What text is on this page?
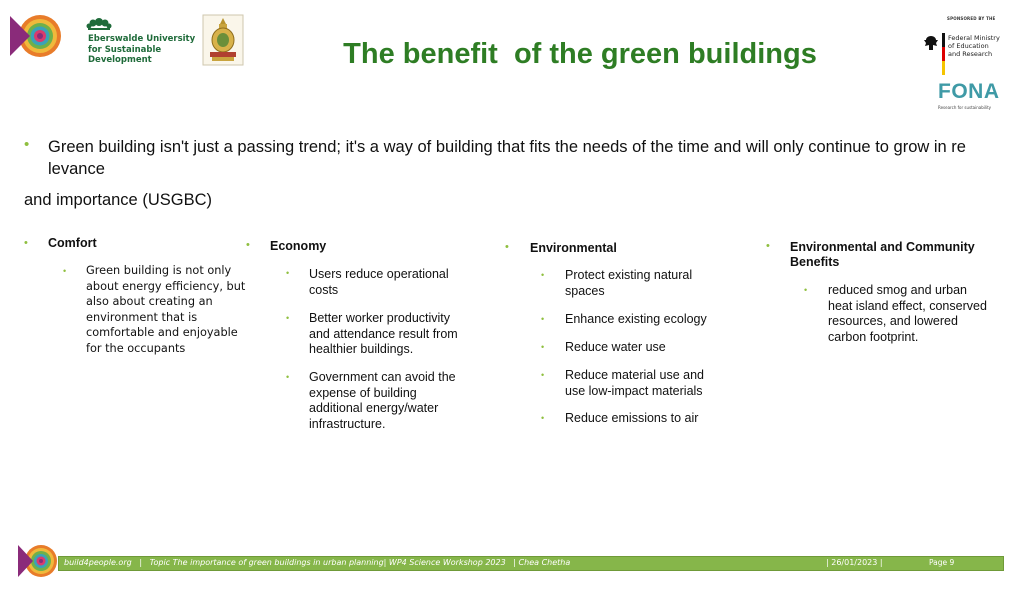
Eberswalde University
for Sustainable
Development	The benefit  of the green buildings
SPONSORED BY THE
Federal Ministry
of Education
and Research
FONA
Research for sustainability
• Green building isn't just a passing trend; it's a way of building that fits the needs of the time and will only continue to grow in re levance
and importance (USGBC)
• Comfort
• Green building is not only about energy efficiency, but also about creating an environment that is comfortable and enjoyable for the occupants
• Economy
• Users reduce operational costs
• Better worker productivity and attendance result from healthier buildings.
• Government can avoid the expense of building additional energy/water infrastructure.
• Environmental
• Protect existing natural spaces
• Enhance existing ecology
• Reduce water use
• Reduce material use and use low-impact materials
• Reduce emissions to air
• Environmental and Community Benefits
• reduced smog and urban heat island effect, conserved resources, and lowered carbon footprint.
build4people.org   |   Topic The importance of green buildings in urban planning| WP4 Science Workshop 2023   | Chea Chetha	| 26/01/2023 |	Page 9
